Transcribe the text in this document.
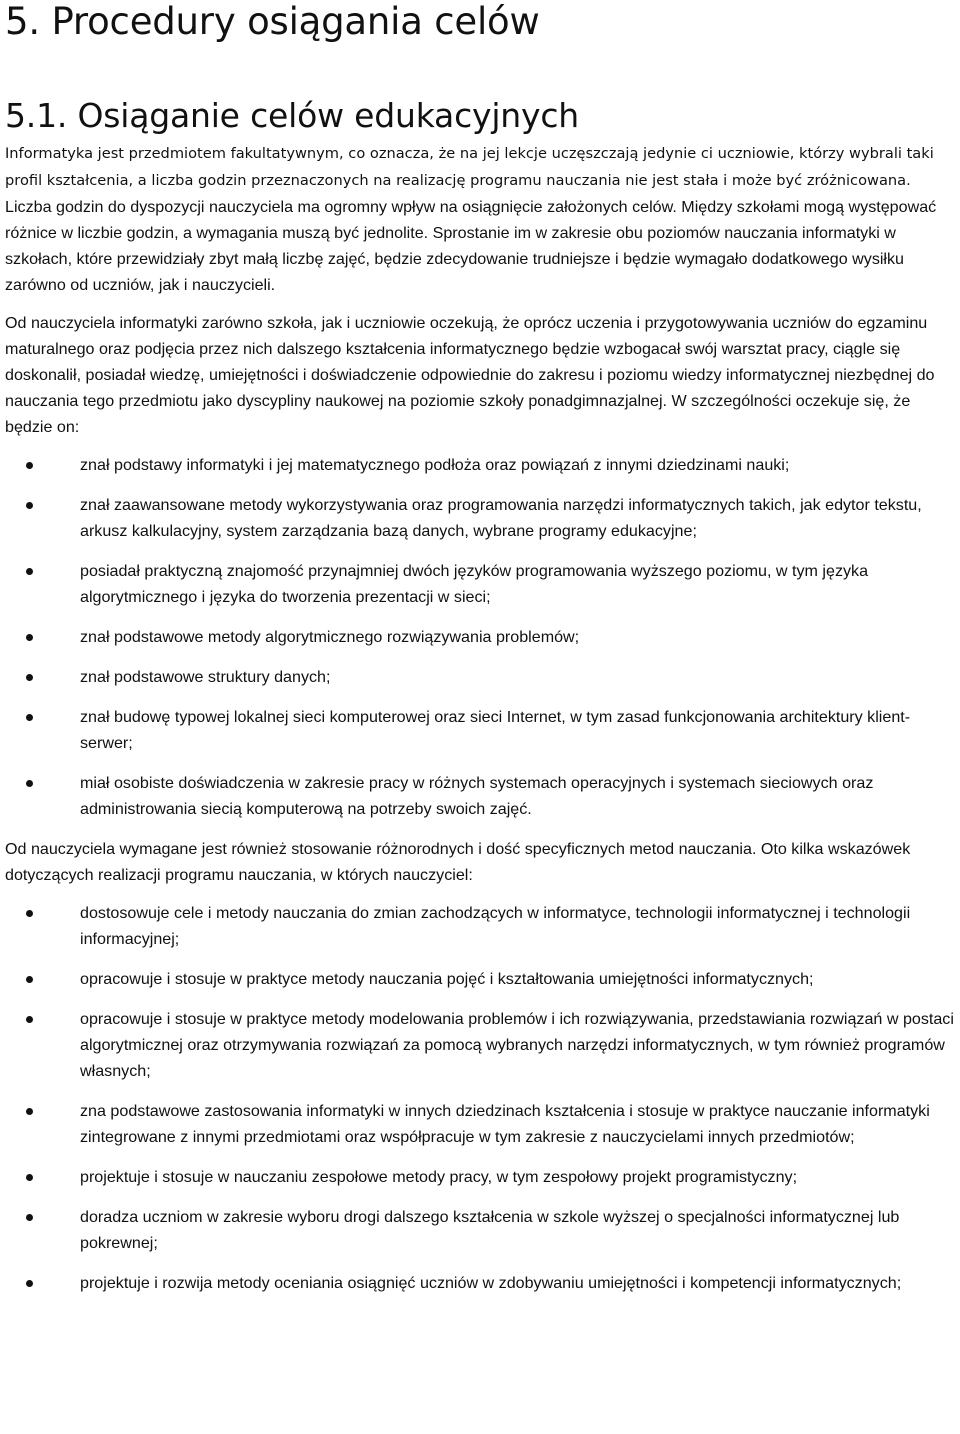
5. Procedury osiągania celów
5.1. Osiąganie celów edukacyjnych

Informatyka jest przedmiotem fakultatywnym, co oznacza, że na jej lekcje uczęszczają jedynie ci uczniowie, którzy wybrali taki profil kształcenia, a liczba godzin przeznaczonych na realizację programu nauczania nie jest stała i może być zróżnicowana. Liczba godzin do dyspozycji nauczyciela ma ogromny wpływ na osiągnięcie założonych celów. Między szkołami mogą występować różnice w liczbie godzin, a wymagania muszą być jednolite. Sprostanie im w zakresie obu poziomów nauczania informatyki w szkołach, które przewidziały zbyt małą liczbę zajęć, będzie zdecydowanie trudniejsze i będzie wymagało dodatkowego wysiłku zarówno od uczniów, jak i nauczycieli.

Od nauczyciela informatyki zarówno szkoła, jak i uczniowie oczekują, że oprócz uczenia i przygotowywania uczniów do egzaminu maturalnego oraz podjęcia przez nich dalszego kształcenia informatycznego będzie wzbogacał swój warsztat pracy, ciągle się doskonalił, posiadał wiedzę, umiejętności i doświadczenie odpowiednie do zakresu i poziomu wiedzy informatycznej niezbędnej do nauczania tego przedmiotu jako dyscypliny naukowej na poziomie szkoły ponadgimnazjalnej. W szczególności oczekuje się, że będzie on:

znał podstawy informatyki i jej matematycznego podłoża oraz powiązań z innymi dziedzinami nauki;
znał zaawansowane metody wykorzystywania oraz programowania narzędzi informatycznych takich, jak edytor tekstu, arkusz kalkulacyjny, system zarządzania bazą danych, wybrane programy edukacyjne;
posiadał praktyczną znajomość przynajmniej dwóch języków programowania wyższego poziomu, w tym języka algorytmicznego i języka do tworzenia prezentacji w sieci;
znał podstawowe metody algorytmicznego rozwiązywania problemów;
znał podstawowe struktury danych;
znał budowę typowej lokalnej sieci komputerowej oraz sieci Internet, w tym zasad funkcjonowania architektury klient-serwer;
miał osobiste doświadczenia w zakresie pracy w różnych systemach operacyjnych i systemach sieciowych oraz administrowania siecią komputerową na potrzeby swoich zajęć.

Od nauczyciela wymagane jest również stosowanie różnorodnych i dość specyficznych metod nauczania. Oto kilka wskazówek dotyczących realizacji programu nauczania, w których nauczyciel:

dostosowuje cele i metody nauczania do zmian zachodzących w informatyce, technologii informatycznej i technologii informacyjnej;
opracowuje i stosuje w praktyce metody nauczania pojęć i kształtowania umiejętności informatycznych;
opracowuje i stosuje w praktyce metody modelowania problemów i ich rozwiązywania, przedstawiania rozwiązań w postaci algorytmicznej oraz otrzymywania rozwiązań za pomocą wybranych narzędzi informatycznych, w tym również programów własnych;
zna podstawowe zastosowania informatyki w innych dziedzinach kształcenia i stosuje w praktyce nauczanie informatyki zintegrowane z innymi przedmiotami oraz współpracuje w tym zakresie z nauczycielami innych przedmiotów;
projektuje i stosuje w nauczaniu zespołowe metody pracy, w tym zespołowy projekt programistyczny;
doradza uczniom w zakresie wyboru drogi dalszego kształcenia w szkole wyższej o specjalności informatycznej lub pokrewnej;
projektuje i rozwija metody oceniania osiągnięć uczniów w zdobywaniu umiejętności i kompetencji informatycznych;
